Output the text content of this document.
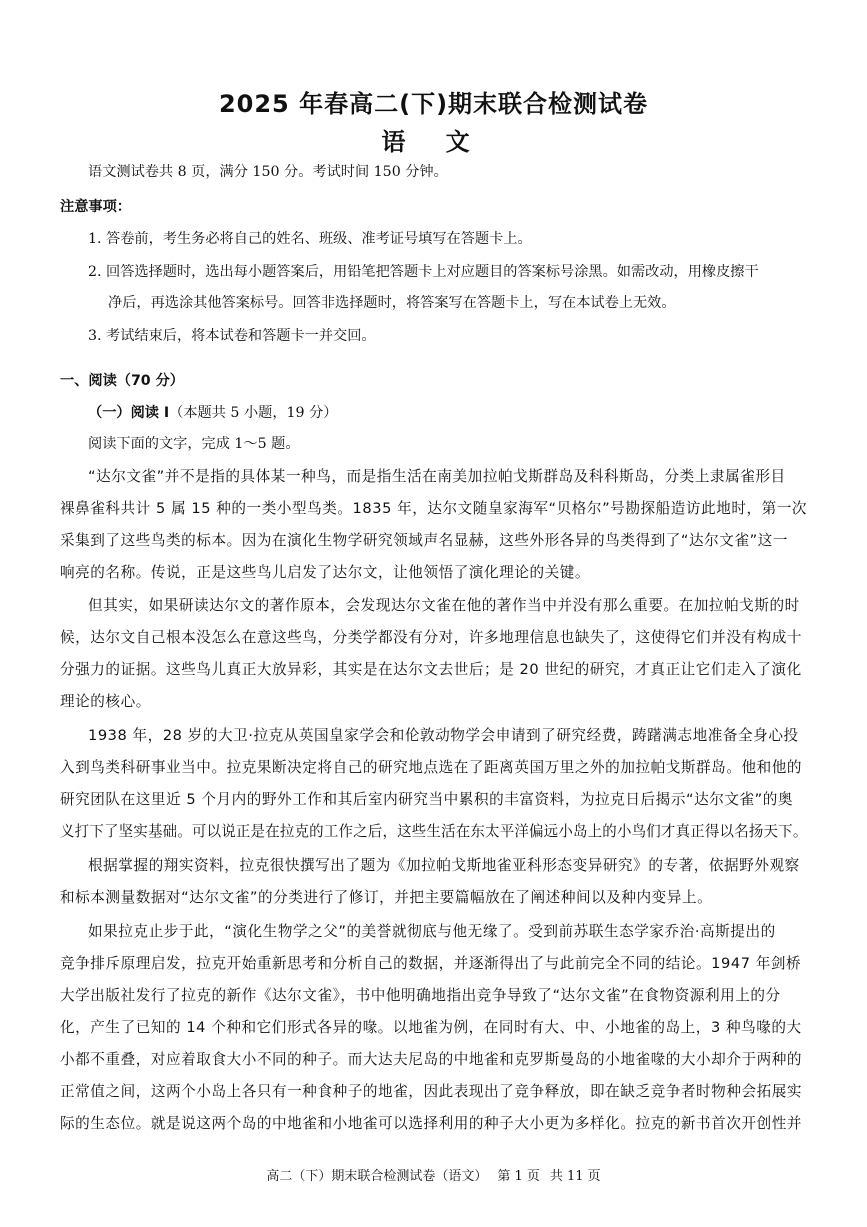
2025 年春高二(下)期末联合检测试卷
语 文
语文测试卷共 8 页，满分 150 分。考试时间 150 分钟。
注意事项：
1. 答卷前，考生务必将自己的姓名、班级、准考证号填写在答题卡上。
2. 回答选择题时，选出每小题答案后，用铅笔把答题卡上对应题目的答案标号涂黑。如需改动，用橡皮擦干
净后，再选涂其他答案标号。回答非选择题时，将答案写在答题卡上，写在本试卷上无效。
3. 考试结束后，将本试卷和答题卡一并交回。
一、阅读（70 分）
（一）阅读 I（本题共 5 小题，19 分）
阅读下面的文字，完成 1～5 题。
“达尔文雀”并不是指的具体某一种鸟，而是指生活在南美加拉帕戈斯群岛及科科斯岛，分类上隶属雀形目
裸鼻雀科共计 5 属 15 种的一类小型鸟类。1835 年，达尔文随皇家海军“贝格尔”号勘探船造访此地时，第一次
采集到了这些鸟类的标本。因为在演化生物学研究领域声名显赫，这些外形各异的鸟类得到了“达尔文雀”这一
响亮的名称。传说，正是这些鸟儿启发了达尔文，让他领悟了演化理论的关键。
但其实，如果研读达尔文的著作原本，会发现达尔文雀在他的著作当中并没有那么重要。在加拉帕戈斯的时
候，达尔文自己根本没怎么在意这些鸟，分类学都没有分对，许多地理信息也缺失了，这使得它们并没有构成十
分强力的证据。这些鸟儿真正大放异彩，其实是在达尔文去世后；是 20 世纪的研究，才真正让它们走入了演化
理论的核心。
1938 年，28 岁的大卫·拉克从英国皇家学会和伦敦动物学会申请到了研究经费，踌躇满志地准备全身心投
入到鸟类科研事业当中。拉克果断决定将自己的研究地点选在了距离英国万里之外的加拉帕戈斯群岛。他和他的
研究团队在这里近 5 个月内的野外工作和其后室内研究当中累积的丰富资料，为拉克日后揭示“达尔文雀”的奥
义打下了坚实基础。可以说正是在拉克的工作之后，这些生活在东太平洋偏远小岛上的小鸟们才真正得以名扬天下。
根据掌握的翔实资料，拉克很快撰写出了题为《加拉帕戈斯地雀亚科形态变异研究》的专著，依据野外观察
和标本测量数据对“达尔文雀”的分类进行了修订，并把主要篇幅放在了阐述种间以及种内变异上。
如果拉克止步于此，“演化生物学之父”的美誉就彻底与他无缘了。受到前苏联生态学家乔治·高斯提出的
竞争排斥原理启发，拉克开始重新思考和分析自己的数据，并逐渐得出了与此前完全不同的结论。1947 年剑桥
大学出版社发行了拉克的新作《达尔文雀》，书中他明确地指出竞争导致了“达尔文雀”在食物资源利用上的分
化，产生了已知的 14 个种和它们形式各异的喙。以地雀为例，在同时有大、中、小地雀的岛上，3 种鸟喙的大
小都不重叠，对应着取食大小不同的种子。而大达夫尼岛的中地雀和克罗斯曼岛的小地雀喙的大小却介于两种的
正常值之间，这两个小岛上各只有一种食种子的地雀，因此表现出了竞争释放，即在缺乏竞争者时物种会拓展实
际的生态位。就是说这两个岛的中地雀和小地雀可以选择利用的种子大小更为多样化。拉克的新书首次开创性并
高二（下）期末联合检测试卷（语文） 第 1 页 共 11 页
